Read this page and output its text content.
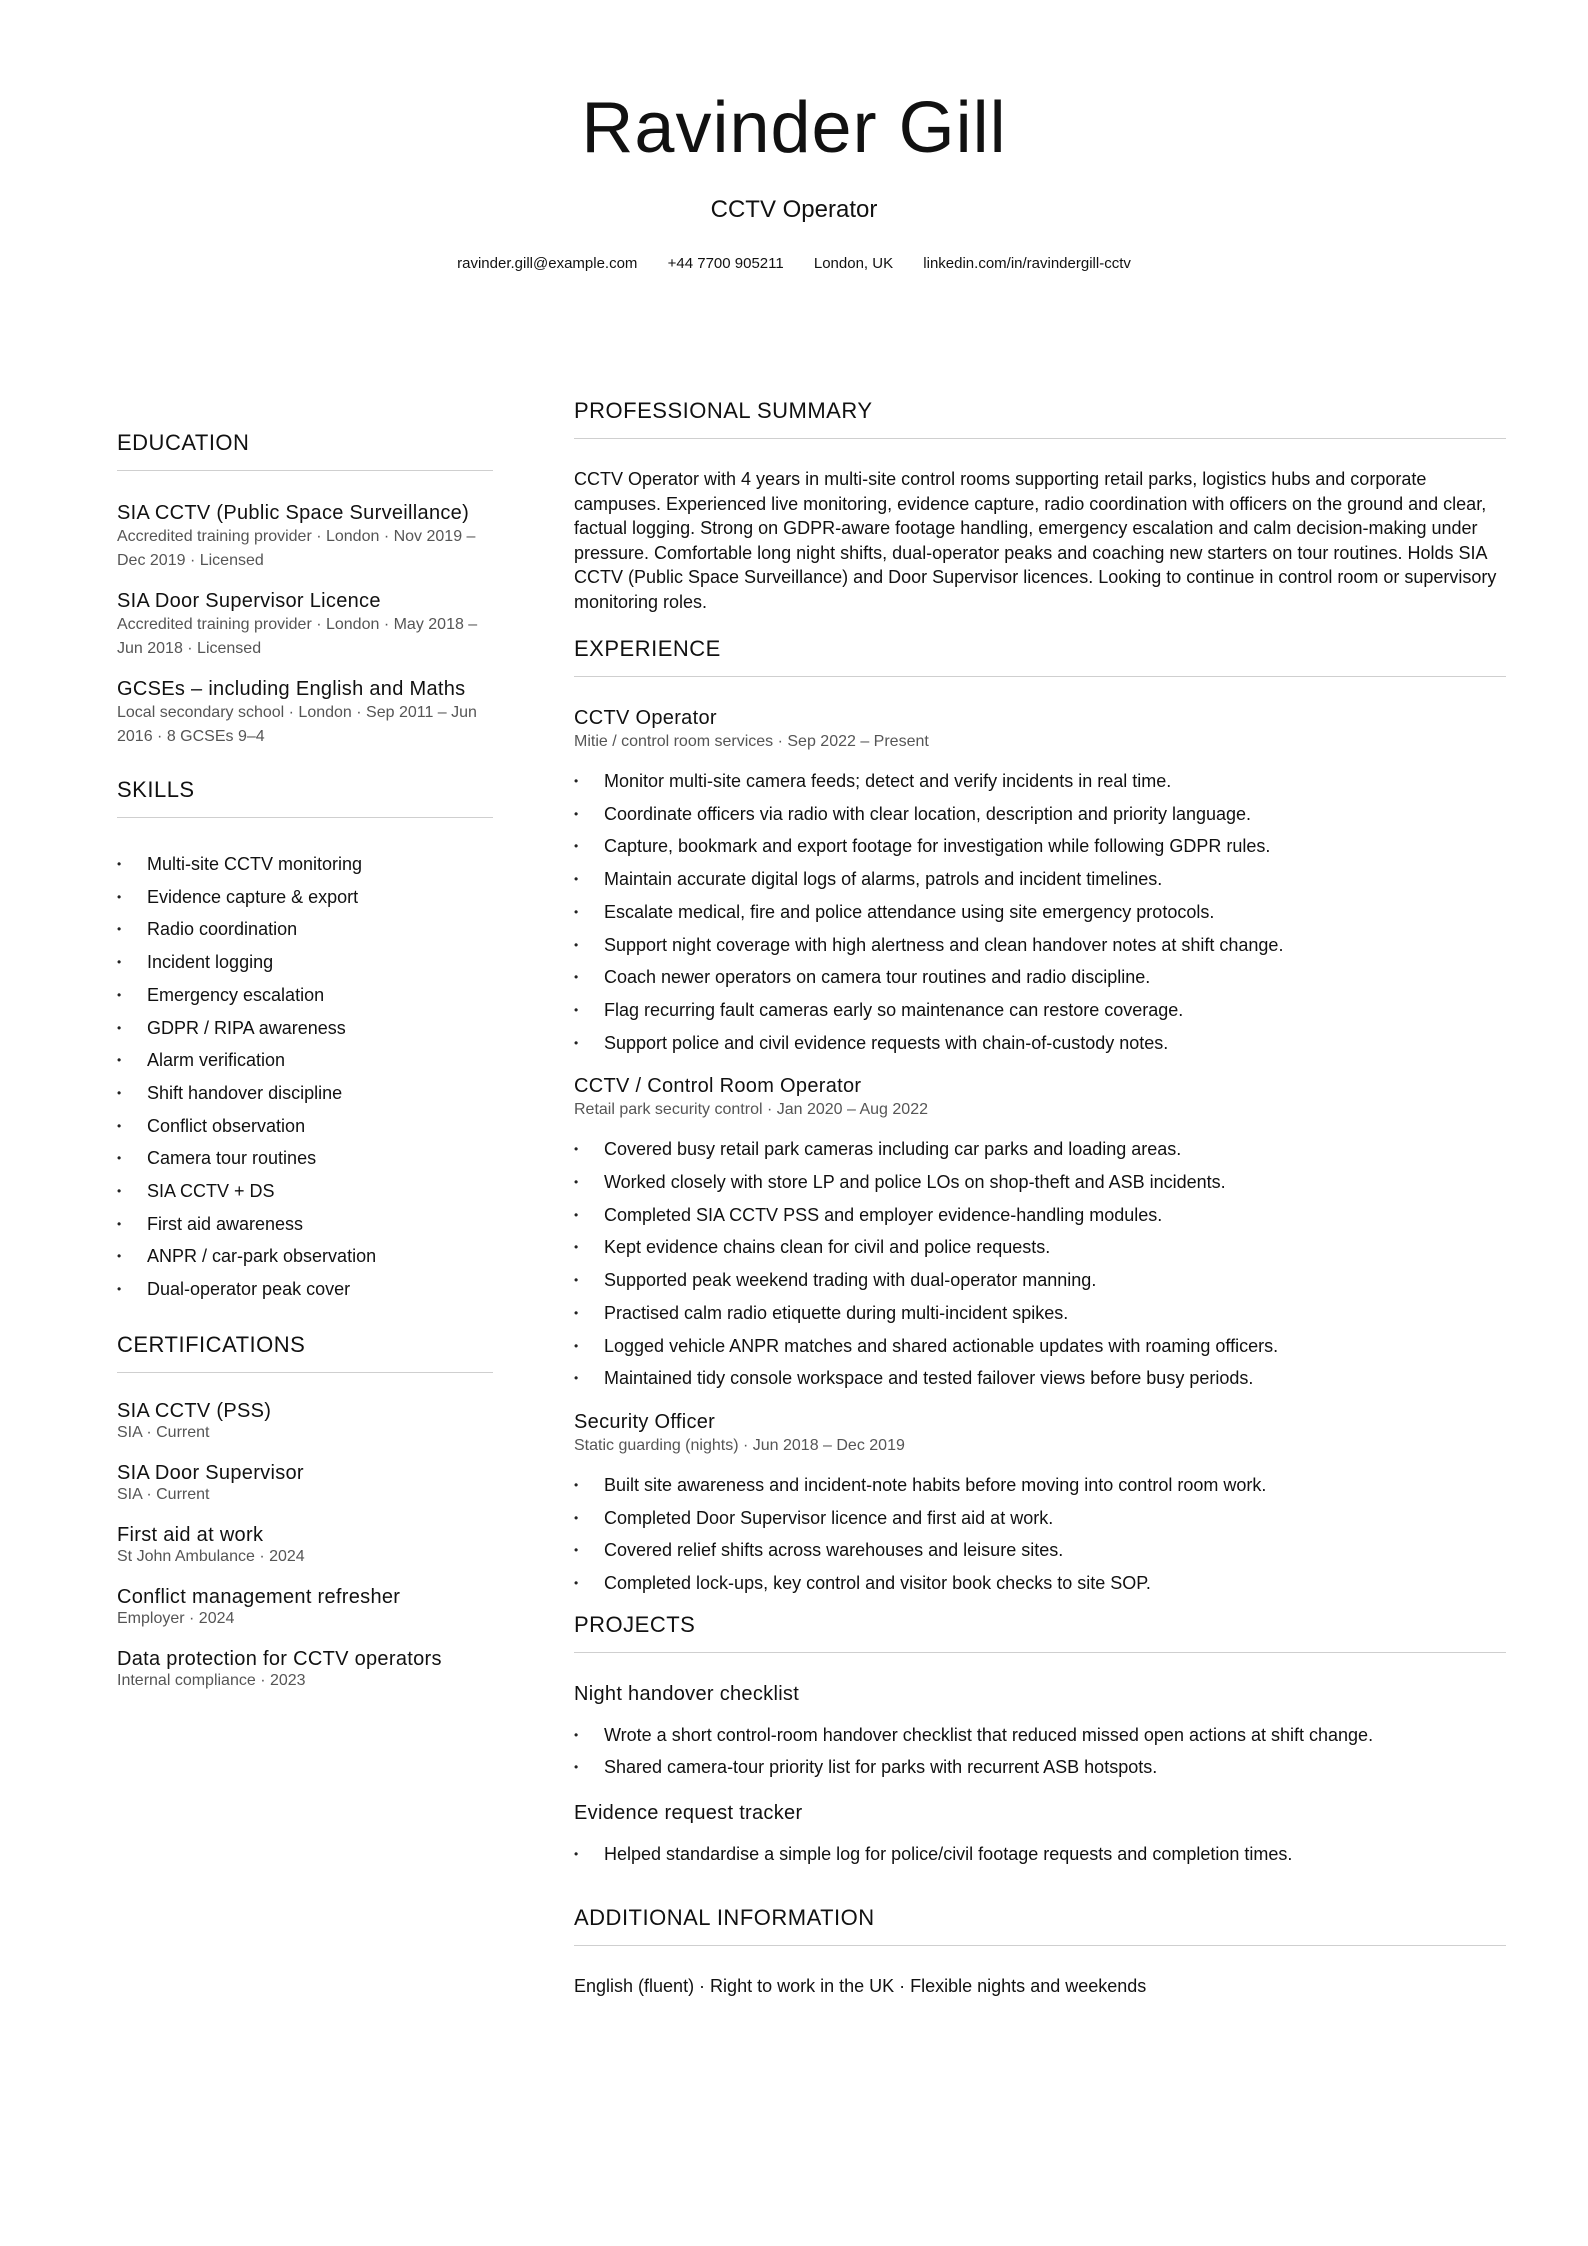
Ravinder Gill
CCTV Operator
ravinder.gill@example.com +44 7700 905211 London, UK linkedin.com/in/ravindergill-cctv
EDUCATION
SIA CCTV (Public Space Surveillance)
Accredited training provider · London · Nov 2019 – Dec 2019 · Licensed
SIA Door Supervisor Licence
Accredited training provider · London · May 2018 – Jun 2018 · Licensed
GCSEs – including English and Maths
Local secondary school · London · Sep 2011 – Jun 2016 · 8 GCSEs 9–4
SKILLS
• Multi-site CCTV monitoring
• Evidence capture & export
• Radio coordination
• Incident logging
• Emergency escalation
• GDPR / RIPA awareness
• Alarm verification
• Shift handover discipline
• Conflict observation
• Camera tour routines
• SIA CCTV + DS
• First aid awareness
• ANPR / car-park observation
• Dual-operator peak cover
CERTIFICATIONS
SIA CCTV (PSS)
SIA · Current
SIA Door Supervisor
SIA · Current
First aid at work
St John Ambulance · 2024
Conflict management refresher
Employer · 2024
Data protection for CCTV operators
Internal compliance · 2023
PROFESSIONAL SUMMARY

CCTV Operator with 4 years in multi-site control rooms supporting retail parks, logistics hubs and corporate campuses. Experienced live monitoring, evidence capture, radio coordination with officers on the ground and clear, factual logging. Strong on GDPR-aware footage handling, emergency escalation and calm decision-making under pressure. Comfortable long night shifts, dual-operator peaks and coaching new starters on tour routines. Holds SIA CCTV (Public Space Surveillance) and Door Supervisor licences. Looking to continue in control room or supervisory monitoring roles.

EXPERIENCE
CCTV Operator
Mitie / control room services · Sep 2022 – Present
• Monitor multi-site camera feeds; detect and verify incidents in real time.
• Coordinate officers via radio with clear location, description and priority language.
• Capture, bookmark and export footage for investigation while following GDPR rules.
• Maintain accurate digital logs of alarms, patrols and incident timelines.
• Escalate medical, fire and police attendance using site emergency protocols.
• Support night coverage with high alertness and clean handover notes at shift change.
• Coach newer operators on camera tour routines and radio discipline.
• Flag recurring fault cameras early so maintenance can restore coverage.
• Support police and civil evidence requests with chain-of-custody notes.
CCTV / Control Room Operator
Retail park security control · Jan 2020 – Aug 2022
• Covered busy retail park cameras including car parks and loading areas.
• Worked closely with store LP and police LOs on shop-theft and ASB incidents.
• Completed SIA CCTV PSS and employer evidence-handling modules.
• Kept evidence chains clean for civil and police requests.
• Supported peak weekend trading with dual-operator manning.
• Practised calm radio etiquette during multi-incident spikes.
• Logged vehicle ANPR matches and shared actionable updates with roaming officers.
• Maintained tidy console workspace and tested failover views before busy periods.
Security Officer
Static guarding (nights) · Jun 2018 – Dec 2019
• Built site awareness and incident-note habits before moving into control room work.
• Completed Door Supervisor licence and first aid at work.
• Covered relief shifts across warehouses and leisure sites.
• Completed lock-ups, key control and visitor book checks to site SOP.
PROJECTS
Night handover checklist
• Wrote a short control-room handover checklist that reduced missed open actions at shift change.
• Shared camera-tour priority list for parks with recurrent ASB hotspots.
Evidence request tracker
• Helped standardise a simple log for police/civil footage requests and completion times.
ADDITIONAL INFORMATION
English (fluent) · Right to work in the UK · Flexible nights and weekends
